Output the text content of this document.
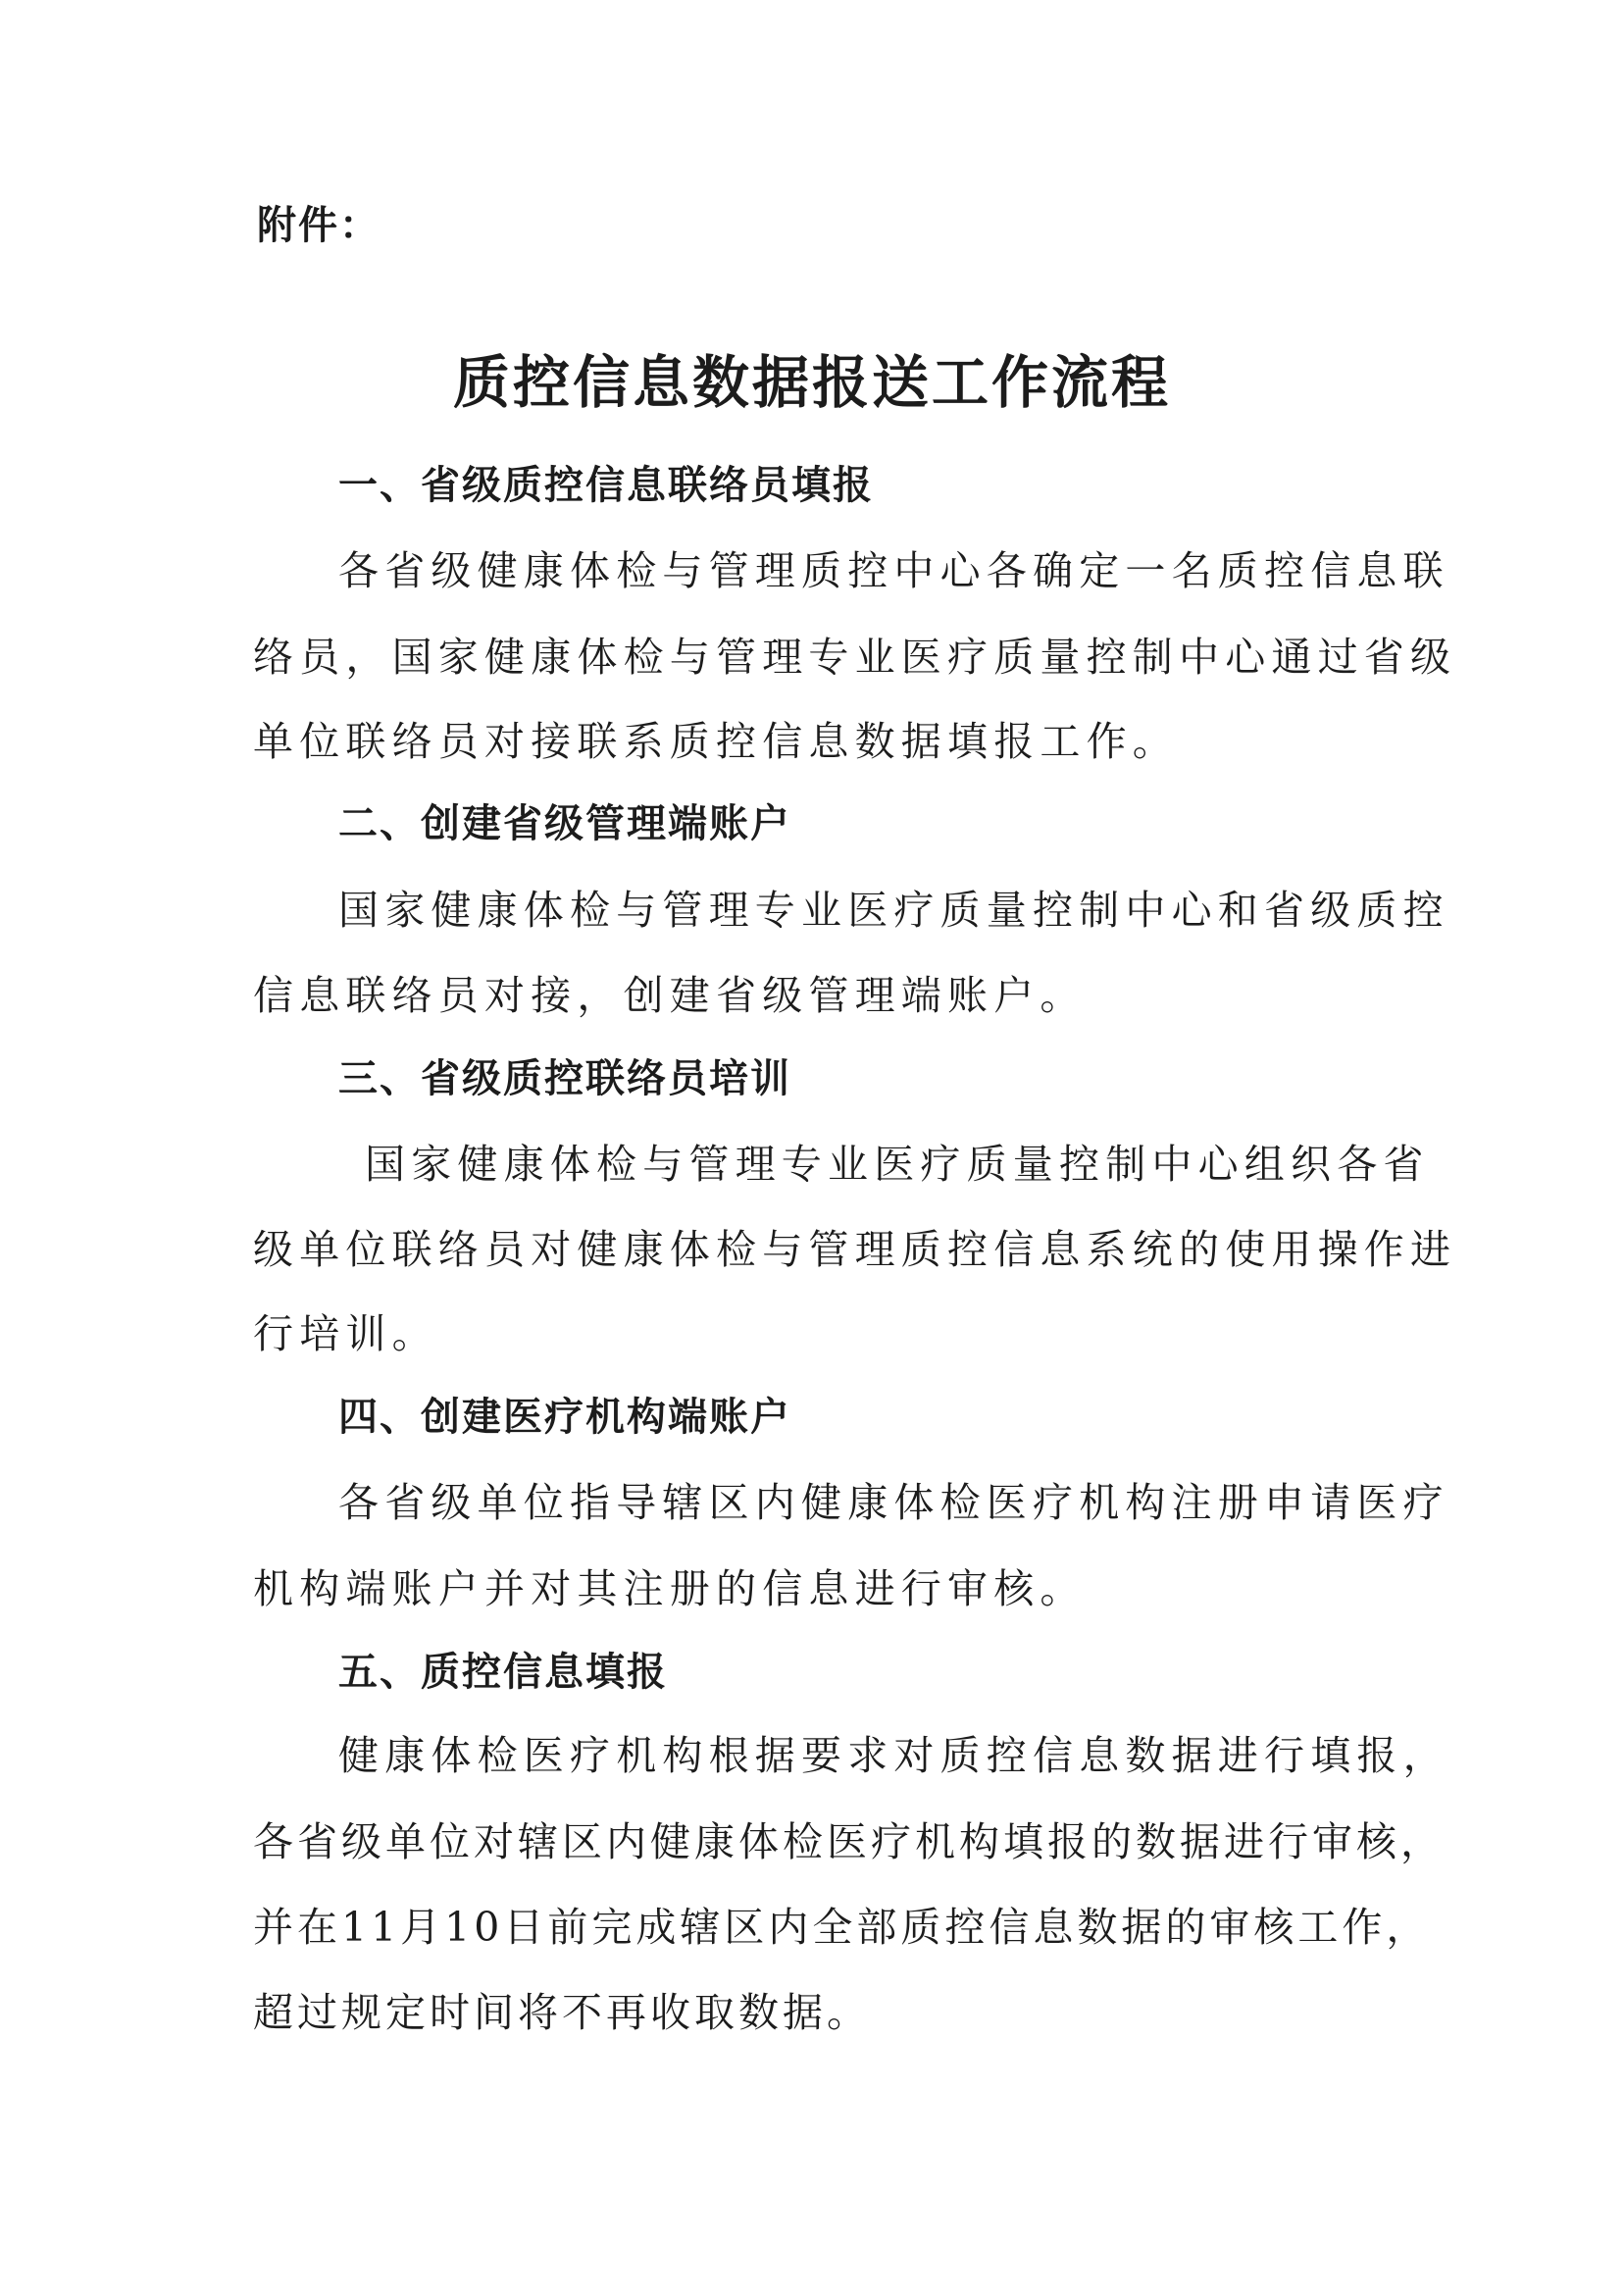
附件：
质控信息数据报送工作流程
一、省级质控信息联络员填报
各省级健康体检与管理质控中心各确定一名质控信息联
络员，国家健康体检与管理专业医疗质量控制中心通过省级
单位联络员对接联系质控信息数据填报工作。
二、创建省级管理端账户
国家健康体检与管理专业医疗质量控制中心和省级质控
信息联络员对接，创建省级管理端账户。
三、省级质控联络员培训
国家健康体检与管理专业医疗质量控制中心组织各省
级单位联络员对健康体检与管理质控信息系统的使用操作进
行培训。
四、创建医疗机构端账户
各省级单位指导辖区内健康体检医疗机构注册申请医疗
机构端账户并对其注册的信息进行审核。
五、质控信息填报
健康体检医疗机构根据要求对质控信息数据进行填报，
各省级单位对辖区内健康体检医疗机构填报的数据进行审核，
并在11月10日前完成辖区内全部质控信息数据的审核工作，
超过规定时间将不再收取数据。
